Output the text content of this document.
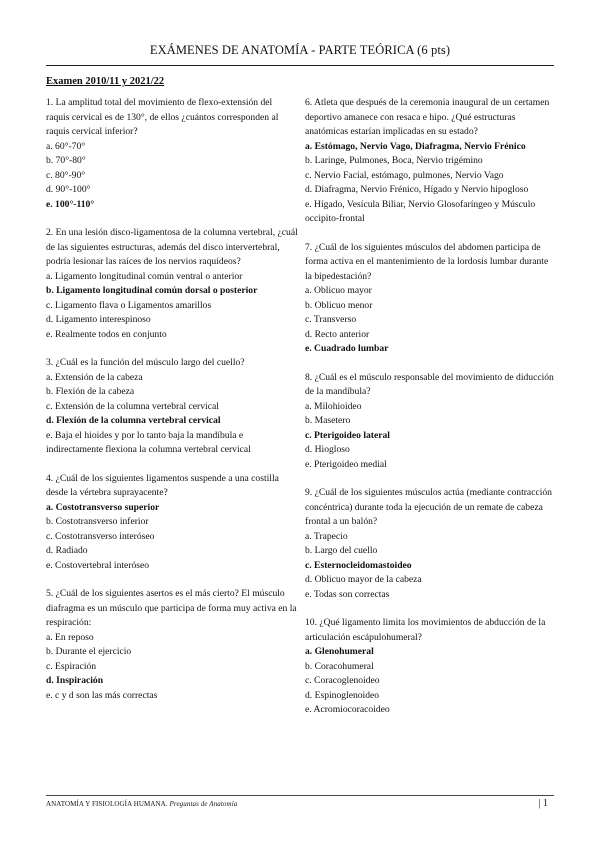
EXÁMENES DE ANATOMÍA - PARTE TEÓRICA (6 pts)
Examen 2010/11 y 2021/22

1. La amplitud total del movimiento de flexo-extensión del raquis cervical es de 130°, de ellos ¿cuántos corresponden al raquis cervical inferior?

a. 60°-70°

b. 70°-80°

c. 80°-90°

d. 90°-100°

e. 100°-110°

2. En una lesión disco-ligamentosa de la columna vertebral, ¿cuál de las siguientes estructuras, además del disco intervertebral, podría lesionar las raíces de los nervios raquídeos?

a. Ligamento longitudinal común ventral o anterior

b. Ligamento longitudinal común dorsal o posterior

c. Ligamento flava o Ligamentos amarillos

d. Ligamento interespinoso

e. Realmente todos en conjunto

3. ¿Cuál es la función del músculo largo del cuello?

a. Extensión de la cabeza

b. Flexión de la cabeza

c. Extensión de la columna vertebral cervical

d. Flexión de la columna vertebral cervical

e. Baja el hioides y por lo tanto baja la mandíbula e indirectamente flexiona la columna vertebral cervical

4. ¿Cuál de los siguientes ligamentos suspende a una costilla desde la vértebra suprayacente?

a. Costotransverso superior

b. Costotransverso inferior

c. Costotransverso interóseo

d. Radiado

e. Costovertebral interóseo

5. ¿Cuál de los siguientes asertos es el más cierto? El músculo diafragma es un músculo que participa de forma muy activa en la respiración:

a. En reposo

b. Durante el ejercicio

c. Espiración

d. Inspiración

e. c y d son las más correctas

6. Atleta que después de la ceremonia inaugural de un certamen deportivo amanece con resaca e hipo. ¿Qué estructuras anatómicas estarían implicadas en su estado?

a. Estómago, Nervio Vago, Diafragma, Nervio Frénico

b. Laringe, Pulmones, Boca, Nervio trigémino

c. Nervio Facial, estómago, pulmones, Nervio Vago

d. Diafragma, Nervio Frénico, Hígado y Nervio hipogloso

e. Hígado, Vesícula Biliar, Nervio Glosofaríngeo y Músculo occipito-frontal

7. ¿Cuál de los siguientes músculos del abdomen participa de forma activa en el mantenimiento de la lordosis lumbar durante la bipedestación?

a. Oblicuo mayor

b. Oblicuo menor

c. Transverso

d. Recto anterior

e. Cuadrado lumbar

8. ¿Cuál es el músculo responsable del movimiento de diducción de la mandíbula?

a. Milohioideo

b. Masetero

c. Pterigoideo lateral

d. Hiogloso

e. Pterigoideo medial

9. ¿Cuál de los siguientes músculos actúa (mediante contracción concéntrica) durante toda la ejecución de un remate de cabeza frontal a un balón?

a. Trapecio

b. Largo del cuello

c. Esternocleidomastoideo

d. Oblicuo mayor de la cabeza

e. Todas son correctas

10. ¿Qué ligamento limita los movimientos de abducción de la articulación escápulohumeral?

a. Glenohumeral

b. Coracohumeral

c. Coracoglenoideo

d. Espinoglenoideo

e. Acromiocoracoideo

ANATOMÍA Y FISIOLOGÍA HUMANA. Preguntas de Anatomía	| 1
